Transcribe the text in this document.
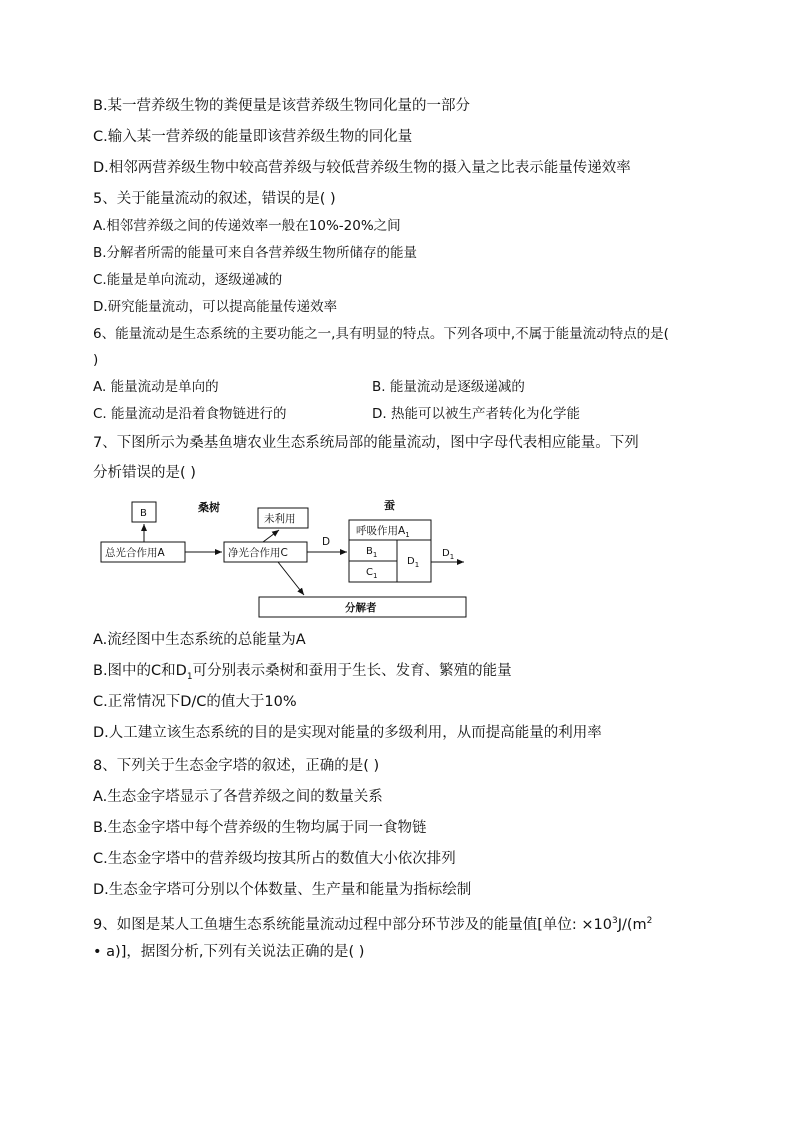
B.某一营养级生物的粪便量是该营养级生物同化量的一部分
C.输入某一营养级的能量即该营养级生物的同化量
D.相邻两营养级生物中较高营养级与较低营养级生物的摄入量之比表示能量传递效率
5、关于能量流动的叙述，错误的是( )
A.相邻营养级之间的传递效率一般在10%-20%之间
B.分解者所需的能量可来自各营养级生物所储存的能量
C.能量是单向流动，逐级递减的
D.研究能量流动，可以提高能量传递效率
6、能量流动是生态系统的主要功能之一,具有明显的特点。下列各项中,不属于能量流动特点的是(
)
A. 能量流动是单向的	B. 能量流动是逐级递减的
C. 能量流动是沿着食物链进行的	D. 热能可以被生产者转化为化学能
7、下图所示为桑基鱼塘农业生态系统局部的能量流动，图中字母代表相应能量。下列
分析错误的是( )
桑树	蚕
B
总光合作用A	净光合作用C
未利用
D
呼吸作用$A_1$
$B_1$
$C_1$
$D_1$
$D_1$
分解者
A.流经图中生态系统的总能量为A
B.图中的C和$D_1$可分别表示桑树和蚕用于生长、发育、繁殖的能量
C.正常情况下D/C的值大于10%
D.人工建立该生态系统的目的是实现对能量的多级利用，从而提高能量的利用率
8、下列关于生态金字塔的叙述，正确的是( )
A.生态金字塔显示了各营养级之间的数量关系
B.生态金字塔中每个营养级的生物均属于同一食物链
C.生态金字塔中的营养级均按其所占的数值大小依次排列
D.生态金字塔可分别以个体数量、生产量和能量为指标绘制
9、如图是某人工鱼塘生态系统能量流动过程中部分环节涉及的能量值[单位: $\times 10^3J/(m^2$
• a)]，据图分析,下列有关说法正确的是( )
